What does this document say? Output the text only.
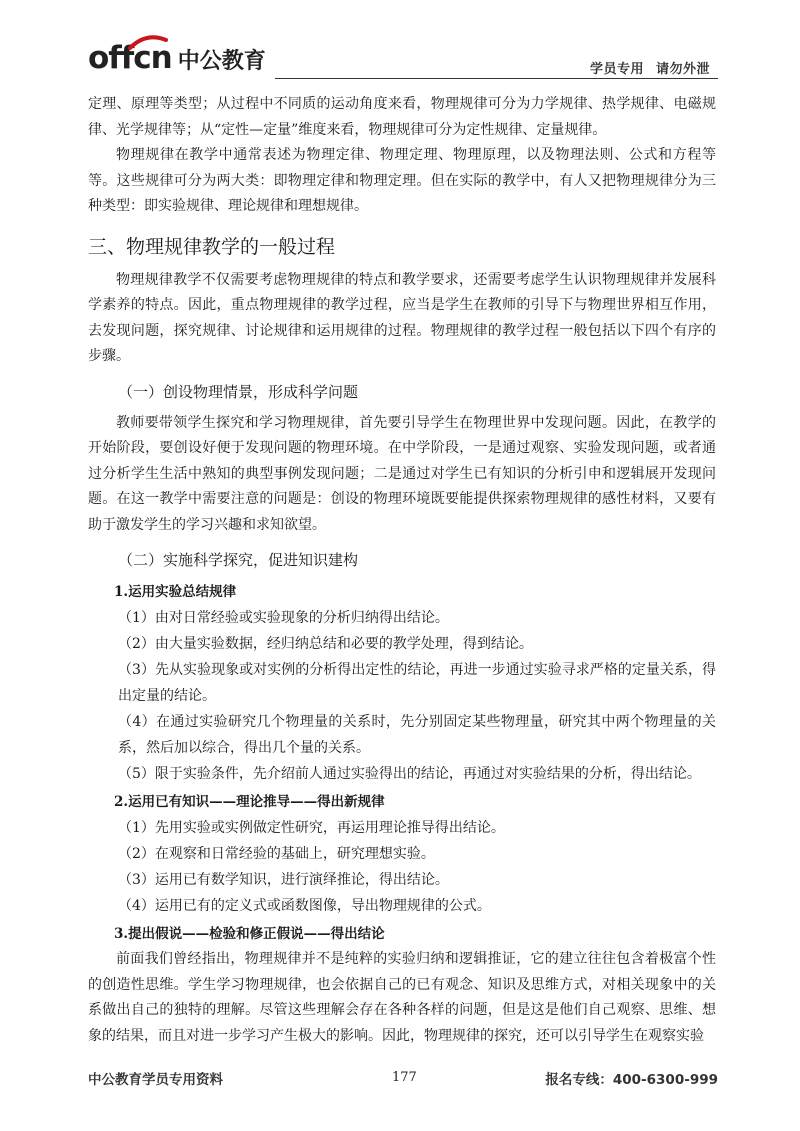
offcn 中公教育	学员专用 请勿外泄

定理、原理等类型；从过程中不同质的运动角度来看，物理规律可分为力学规律、热学规律、电磁规律、光学规律等；从“定性—定量”维度来看，物理规律可分为定性规律、定量规律。

物理规律在教学中通常表述为物理定律、物理定理、物理原理，以及物理法则、公式和方程等等。这些规律可分为两大类：即物理定律和物理定理。但在实际的教学中，有人又把物理规律分为三种类型：即实验规律、理论规律和理想规律。

三、物理规律教学的一般过程

物理规律教学不仅需要考虑物理规律的特点和教学要求，还需要考虑学生认识物理规律并发展科学素养的特点。因此，重点物理规律的教学过程，应当是学生在教师的引导下与物理世界相互作用，去发现问题，探究规律、讨论规律和运用规律的过程。物理规律的教学过程一般包括以下四个有序的步骤。

（一）创设物理情景，形成科学问题

教师要带领学生探究和学习物理规律，首先要引导学生在物理世界中发现问题。因此，在教学的开始阶段，要创设好便于发现问题的物理环境。在中学阶段，一是通过观察、实验发现问题，或者通过分析学生生活中熟知的典型事例发现问题；二是通过对学生已有知识的分析引申和逻辑展开发现问题。在这一教学中需要注意的问题是：创设的物理环境既要能提供探索物理规律的感性材料，又要有助于激发学生的学习兴趣和求知欲望。

（二）实施科学探究，促进知识建构
1.运用实验总结规律

（1）由对日常经验或实验现象的分析归纳得出结论。

（2）由大量实验数据，经归纳总结和必要的教学处理，得到结论。

（3）先从实验现象或对实例的分析得出定性的结论，再进一步通过实验寻求严格的定量关系，得出定量的结论。

（4）在通过实验研究几个物理量的关系时，先分别固定某些物理量，研究其中两个物理量的关系，然后加以综合，得出几个量的关系。

（5）限于实验条件，先介绍前人通过实验得出的结论，再通过对实验结果的分析，得出结论。

2.运用已有知识——理论推导——得出新规律

（1）先用实验或实例做定性研究，再运用理论推导得出结论。

（2）在观察和日常经验的基础上，研究理想实验。

（3）运用已有数学知识，进行演绎推论，得出结论。

（4）运用已有的定义式或函数图像，导出物理规律的公式。

3.提出假说——检验和修正假说——得出结论

前面我们曾经指出，物理规律并不是纯粹的实验归纳和逻辑推证，它的建立往往包含着极富个性的创造性思维。学生学习物理规律，也会依据自己的已有观念、知识及思维方式，对相关现象中的关系做出自己的独特的理解。尽管这些理解会存在各种各样的问题，但是这是他们自己观察、思维、想象的结果，而且对进一步学习产生极大的影响。因此，物理规律的探究，还可以引导学生在观察实验

中公教育学员专用资料	177	报名专线：400-6300-999
